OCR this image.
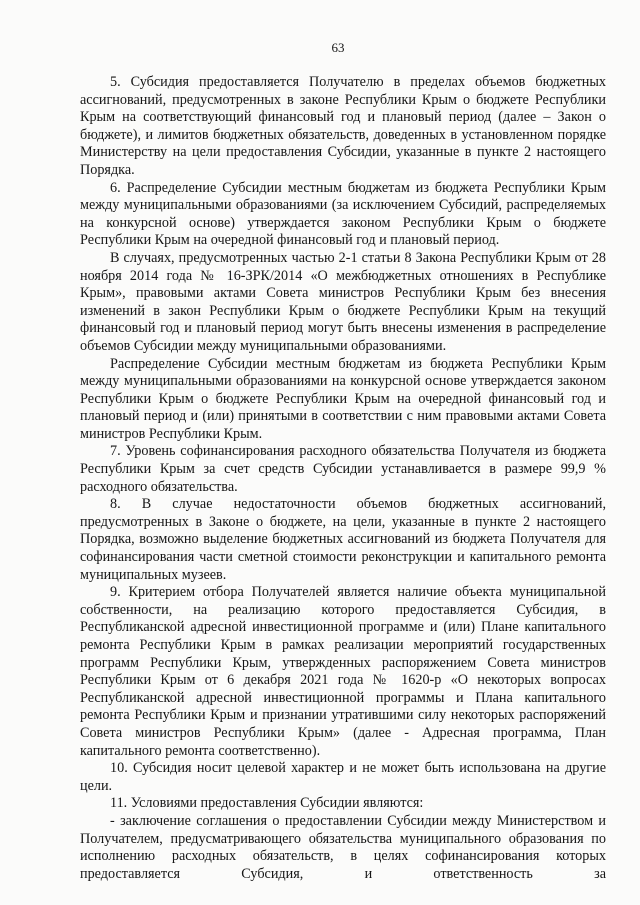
63

5. Субсидия предоставляется Получателю в пределах объемов бюджетных ассигнований, предусмотренных в законе Республики Крым о бюджете Республики Крым на соответствующий финансовый год и плановый период (далее – Закон о бюджете), и лимитов бюджетных обязательств, доведенных в установленном порядке Министерству на цели предоставления Субсидии, указанные в пункте 2 настоящего Порядка.

6. Распределение Субсидии местным бюджетам из бюджета Республики Крым между муниципальными образованиями (за исключением Субсидий, распределяемых на конкурсной основе) утверждается законом Республики Крым о бюджете Республики Крым на очередной финансовый год и плановый период.

В случаях, предусмотренных частью 2-1 статьи 8 Закона Республики Крым от 28 ноября 2014 года № 16-ЗРК/2014 «О межбюджетных отношениях в Республике Крым», правовыми актами Совета министров Республики Крым без внесения изменений в закон Республики Крым о бюджете Республики Крым на текущий финансовый год и плановый период могут быть внесены изменения в распределение объемов Субсидии между муниципальными образованиями.

Распределение Субсидии местным бюджетам из бюджета Республики Крым между муниципальными образованиями на конкурсной основе утверждается законом Республики Крым о бюджете Республики Крым на очередной финансовый год и плановый период и (или) принятыми в соответствии с ним правовыми актами Совета министров Республики Крым.

7. Уровень софинансирования расходного обязательства Получателя из бюджета Республики Крым за счет средств Субсидии устанавливается в размере 99,9 % расходного обязательства.

8. В случае недостаточности объемов бюджетных ассигнований, предусмотренных в Законе о бюджете, на цели, указанные в пункте 2 настоящего Порядка, возможно выделение бюджетных ассигнований из бюджета Получателя для софинансирования части сметной стоимости реконструкции и капитального ремонта муниципальных музеев.

9. Критерием отбора Получателей является наличие объекта муниципальной собственности, на реализацию которого предоставляется Субсидия, в Республиканской адресной инвестиционной программе и (или) Плане капитального ремонта Республики Крым в рамках реализации мероприятий государственных программ Республики Крым, утвержденных распоряжением Совета министров Республики Крым от 6 декабря 2021 года № 1620-р «О некоторых вопросах Республиканской адресной инвестиционной программы и Плана капитального ремонта Республики Крым и признании утратившими силу некоторых распоряжений Совета министров Республики Крым» (далее - Адресная программа, План капитального ремонта соответственно).

10. Субсидия носит целевой характер и не может быть использована на другие цели.

11. Условиями предоставления Субсидии являются:

- заключение соглашения о предоставлении Субсидии между Министерством и Получателем, предусматривающего обязательства муниципального образования по исполнению расходных обязательств, в целях софинансирования которых предоставляется Субсидия, и ответственность за
